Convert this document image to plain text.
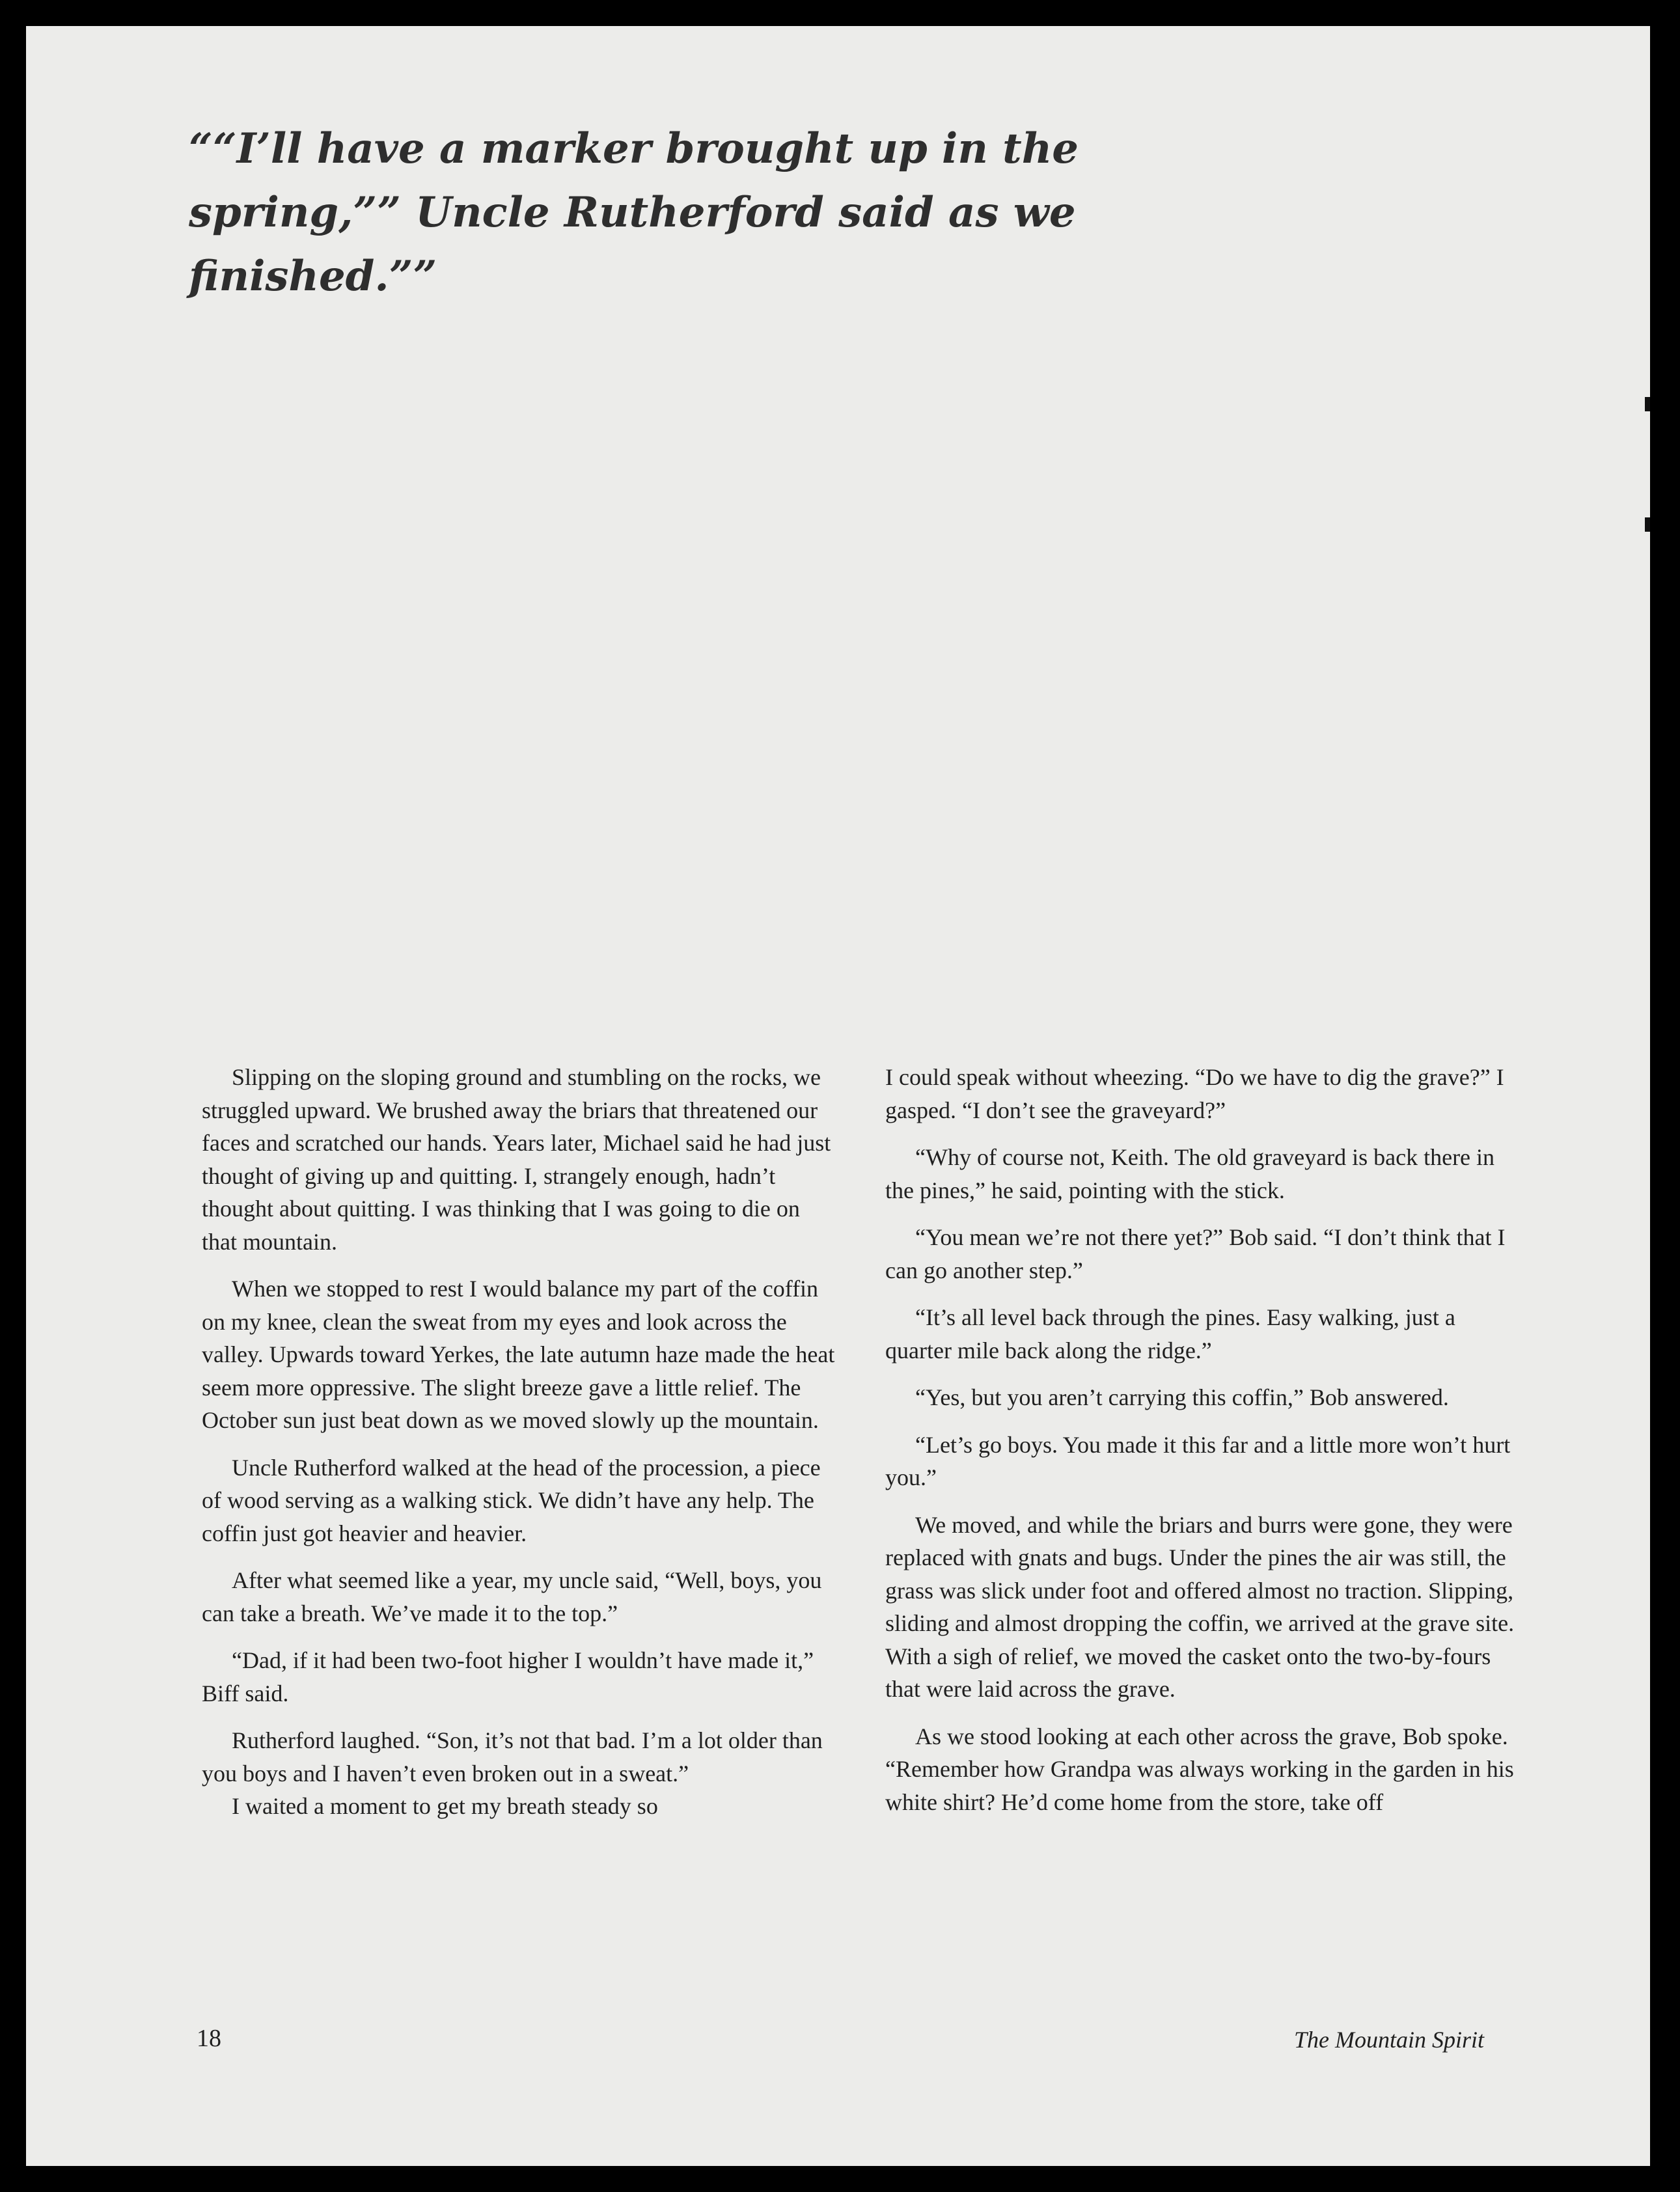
““I’ll have a marker brought up in the spring,”” Uncle Rutherford said as we finished.””

Slipping on the sloping ground and stumbling on the rocks, we struggled upward. We brushed away the briars that threatened our faces and scratched our hands. Years later, Michael said he had just thought of giving up and quitting. I, strangely enough, hadn’t thought about quitting. I was thinking that I was going to die on that mountain.

When we stopped to rest I would balance my part of the coffin on my knee, clean the sweat from my eyes and look across the valley. Upwards toward Yerkes, the late autumn haze made the heat seem more oppressive. The slight breeze gave a little relief. The October sun just beat down as we moved slowly up the mountain.

Uncle Rutherford walked at the head of the procession, a piece of wood serving as a walking stick. We didn’t have any help. The coffin just got heavier and heavier.

After what seemed like a year, my uncle said, “Well, boys, you can take a breath. We’ve made it to the top.”

“Dad, if it had been two-foot higher I wouldn’t have made it,” Biff said.

Rutherford laughed. “Son, it’s not that bad. I’m a lot older than you boys and I haven’t even broken out in a sweat.”

I waited a moment to get my breath steady so

I could speak without wheezing. “Do we have to dig the grave?” I gasped. “I don’t see the graveyard?”

“Why of course not, Keith. The old graveyard is back there in the pines,” he said, pointing with the stick.

“You mean we’re not there yet?” Bob said. “I don’t think that I can go another step.”

“It’s all level back through the pines. Easy walking, just a quarter mile back along the ridge.”

“Yes, but you aren’t carrying this coffin,” Bob answered.

“Let’s go boys. You made it this far and a little more won’t hurt you.”

We moved, and while the briars and burrs were gone, they were replaced with gnats and bugs. Under the pines the air was still, the grass was slick under foot and offered almost no traction. Slipping, sliding and almost dropping the coffin, we arrived at the grave site. With a sigh of relief, we moved the casket onto the two-by-fours that were laid across the grave.

As we stood looking at each other across the grave, Bob spoke. “Remember how Grandpa was always working in the garden in his white shirt? He’d come home from the store, take off

18	The Mountain Spirit
